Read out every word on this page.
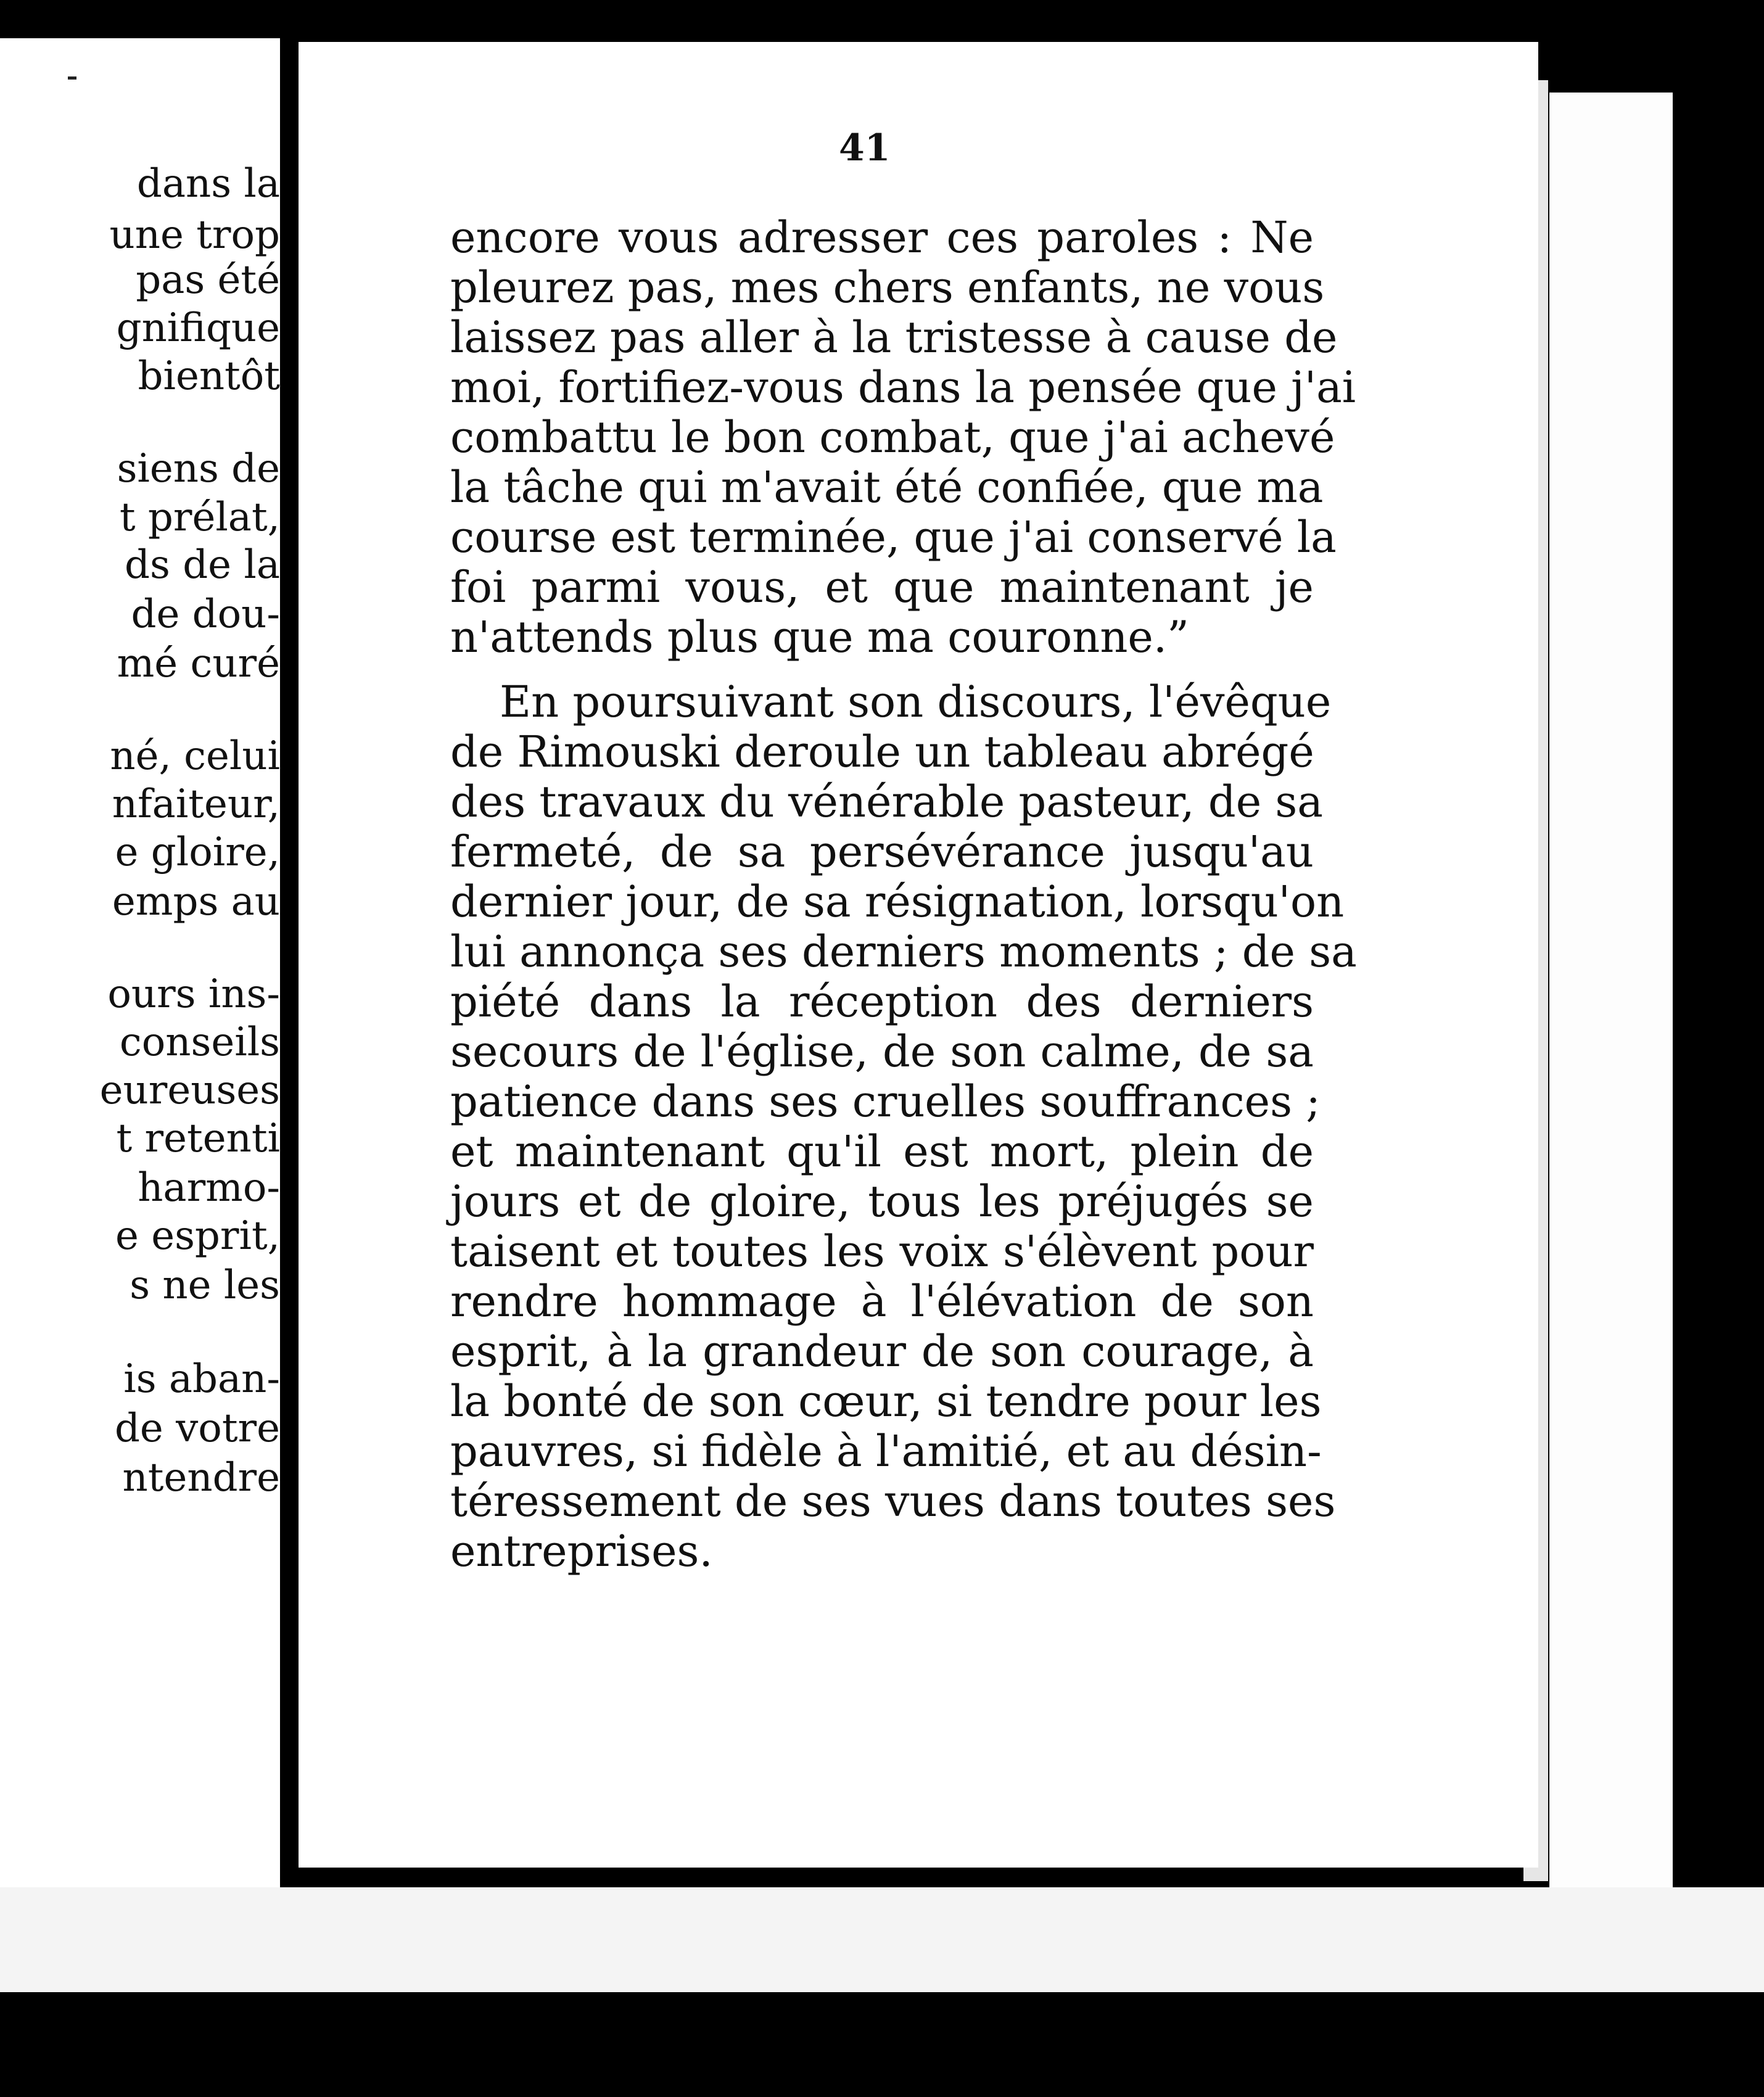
dans la
une trop
pas été
gnifique
bientôt
siens de
t prélat,
ds de la
de dou-
mé curé
né, celui
nfaiteur,
e gloire,
emps au
ours ins-
conseils
eureuses
t retenti
harmo-
e esprit,
s ne les
is aban-
de votre
ntendre
41
encore vous adresser ces paroles : Ne
pleurez pas, mes chers enfants, ne vous
laissez pas aller à la tristesse à cause de
moi, fortifiez-vous dans la pensée que j'ai
combattu le bon combat, que j'ai achevé
la tâche qui m'avait été confiée, que ma
course est terminée, que j'ai conservé la
foi parmi vous, et que maintenant je
n'attends plus que ma couronne.”
En poursuivant son discours, l'évêque
de Rimouski deroule un tableau abrégé
des travaux du vénérable pasteur, de sa
fermeté, de sa persévérance jusqu'au
dernier jour, de sa résignation, lorsqu'on
lui annonça ses derniers moments ; de sa
piété dans la réception des derniers
secours de l'église, de son calme, de sa
patience dans ses cruelles souffrances ;
et maintenant qu'il est mort, plein de
jours et de gloire, tous les préjugés se
taisent et toutes les voix s'élèvent pour
rendre hommage à l'élévation de son
esprit, à la grandeur de son courage, à
la bonté de son cœur, si tendre pour les
pauvres, si fidèle à l'amitié, et au désin-
téressement de ses vues dans toutes ses
entreprises.
